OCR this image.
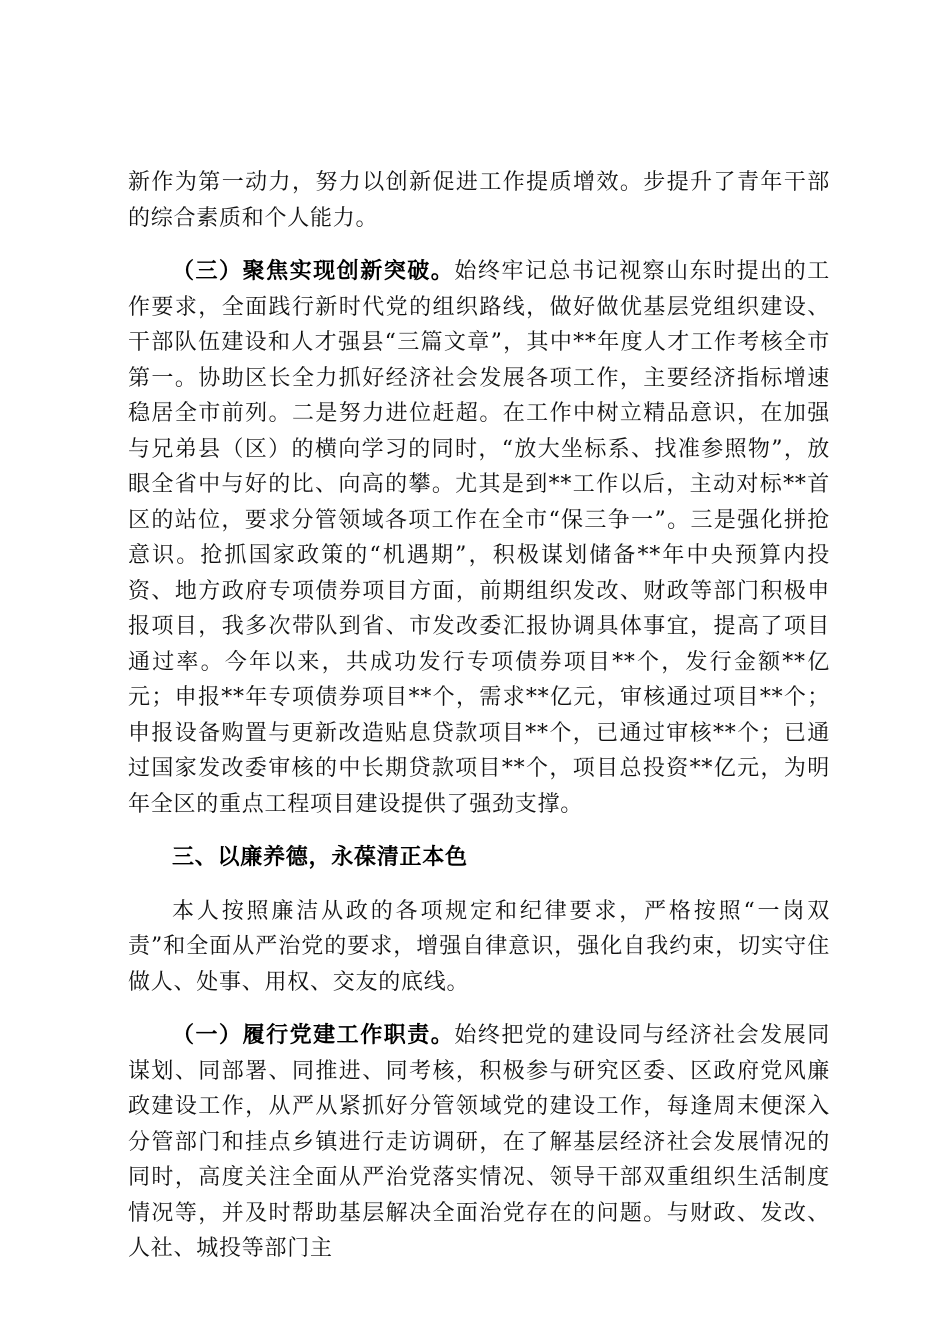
新作为第一动力，努力以创新促进工作提质增效。步提升了青年干部的综合素质和个人能力。

（三）聚焦实现创新突破。始终牢记总书记视察山东时提出的工作要求，全面践行新时代党的组织路线，做好做优基层党组织建设、干部队伍建设和人才强县“三篇文章”，其中**年度人才工作考核全市第一。协助区长全力抓好经济社会发展各项工作，主要经济指标增速稳居全市前列。二是努力进位赶超。在工作中树立精品意识，在加强与兄弟县（区）的横向学习的同时，“放大坐标系、找准参照物”，放眼全省中与好的比、向高的攀。尤其是到**工作以后，主动对标**首区的站位，要求分管领域各项工作在全市“保三争一”。三是强化拼抢意识。抢抓国家政策的“机遇期”，积极谋划储备**年中央预算内投资、地方政府专项债券项目方面，前期组织发改、财政等部门积极申报项目，我多次带队到省、市发改委汇报协调具体事宜，提高了项目通过率。今年以来，共成功发行专项债券项目**个，发行金额**亿元；申报**年专项债券项目**个，需求**亿元，审核通过项目**个；申报设备购置与更新改造贴息贷款项目**个，已通过审核**个；已通过国家发改委审核的中长期贷款项目**个，项目总投资**亿元，为明年全区的重点工程项目建设提供了强劲支撑。

三、以廉养德，永葆清正本色

本人按照廉洁从政的各项规定和纪律要求，严格按照“一岗双责”和全面从严治党的要求，增强自律意识，强化自我约束，切实守住做人、处事、用权、交友的底线。

（一）履行党建工作职责。始终把党的建设同与经济社会发展同谋划、同部署、同推进、同考核，积极参与研究区委、区政府党风廉政建设工作，从严从紧抓好分管领域党的建设工作，每逢周末便深入分管部门和挂点乡镇进行走访调研，在了解基层经济社会发展情况的同时，高度关注全面从严治党落实情况、领导干部双重组织生活制度情况等，并及时帮助基层解决全面治党存在的问题。与财政、发改、人社、城投等部门主
